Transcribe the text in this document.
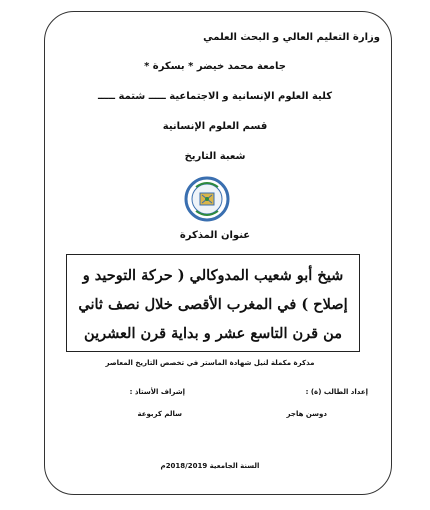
وزارة التعليم العالي و البحث العلمي
جامعة محمد خيضر * بسكرة *
كلية العلوم الإنسانية و الاجتماعية ـــــ شتمة ـــــ
قسم العلوم الإنسانية
شعبة التاريخ
عنوان المذكرة
شيخ أبو شعيب المدوكالي ( حركة التوحيد و
إصلاح ) في المغرب الأقصى خلال نصف ثاني
من قرن التاسع عشر و بداية قرن العشرين
مذكرة مكملة لنيل شهادة الماستر في تخصص التاريخ المعاصر
إعداد الطالب (ة) :
إشراف الأستاذ :
دوسن هاجر
سالم كربوعة
السنة الجامعية 2018/2019م
